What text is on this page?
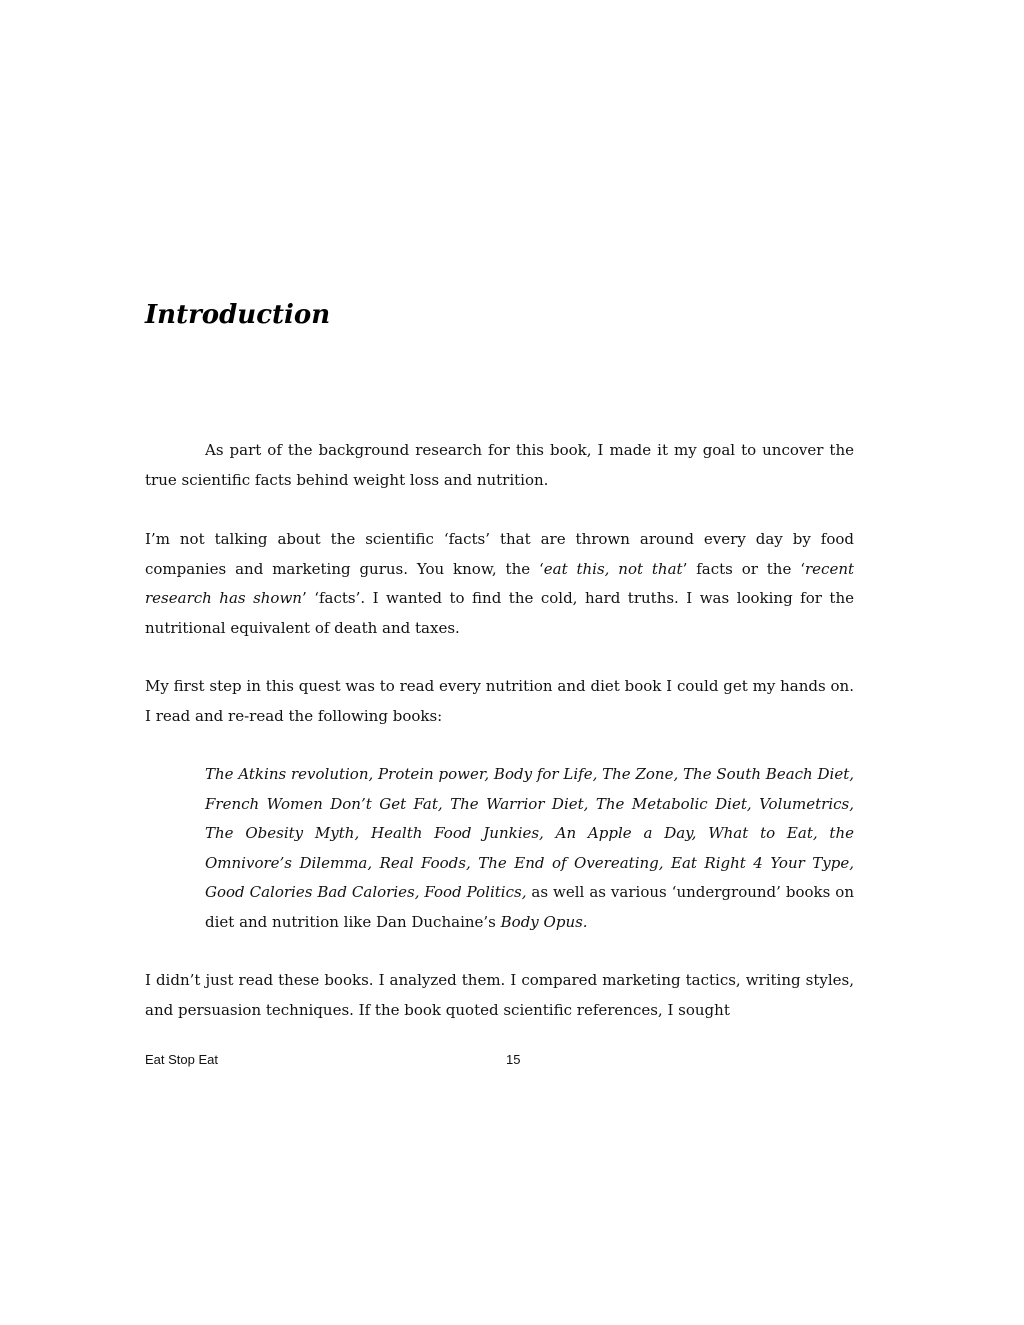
Introduction

As part of the background research for this book, I made it my goal to uncover the true scientific facts behind weight loss and nutrition.

I’m not talking about the scientific ‘facts’ that are thrown around every day by food companies and marketing gurus. You know, the ‘eat this, not that’ facts or the ‘recent research has shown’ ‘facts’. I wanted to find the cold, hard truths. I was looking for the nutritional equivalent of death and taxes.

My first step in this quest was to read every nutrition and diet book I could get my hands on. I read and re-read the following books:

The Atkins revolution, Protein power, Body for Life, The Zone, The South Beach Diet, French Women Don’t Get Fat, The Warrior Diet, The Metabolic Diet, Volumetrics, The Obesity Myth, Health Food Junkies, An Apple a Day, What to Eat, the Omnivore’s Dilemma, Real Foods, The End of Overeating, Eat Right 4 Your Type, Good Calories Bad Calories, Food Politics, as well as various ‘underground’ books on diet and nutrition like Dan Duchaine’s Body Opus.

I didn’t just read these books. I analyzed them. I compared marketing tactics, writing styles, and persuasion techniques. If the book quoted scientific references, I sought

Eat Stop Eat	15
